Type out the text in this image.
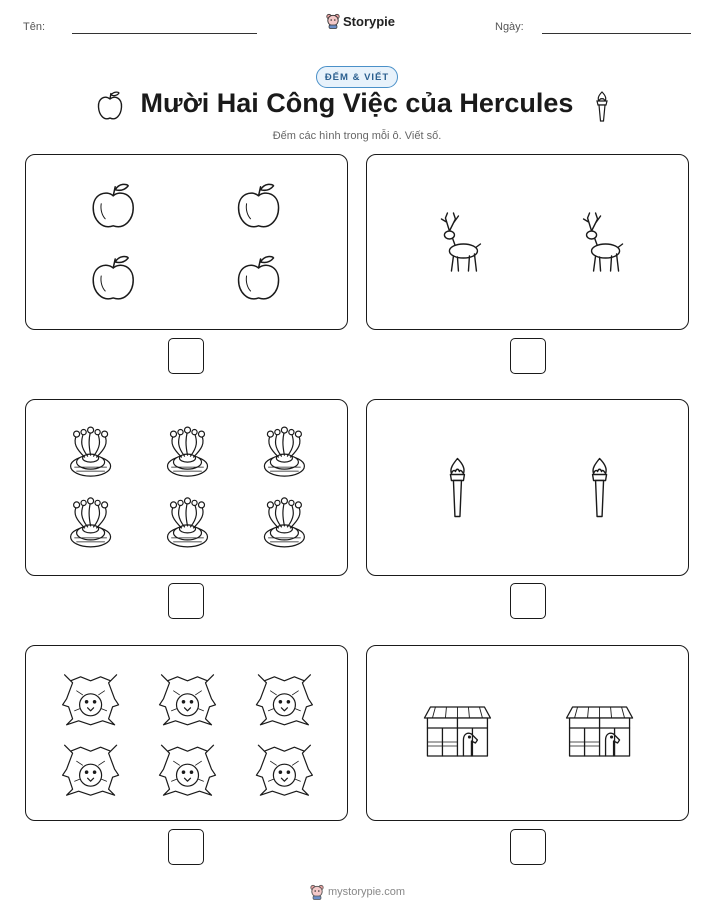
Tên:	Storypie	Ngày:
ĐẾM & VIẾT
Mười Hai Công Việc của Hercules
Đếm các hình trong mỗi ô. Viết số.
mystorypie.com
